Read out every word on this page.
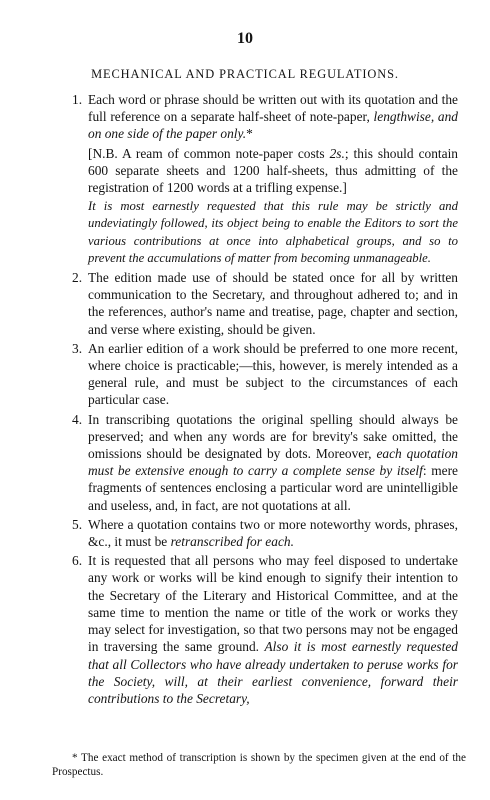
10
MECHANICAL AND PRACTICAL REGULATIONS.

1. Each word or phrase should be written out with its quotation and the full reference on a separate half-sheet of note-paper, lengthwise, and on one side of the paper only.*

[N.B. A ream of common note-paper costs 2s.; this should contain 600 separate sheets and 1200 half-sheets, thus admitting of the registration of 1200 words at a trifling expense.]

It is most earnestly requested that this rule may be strictly and undeviatingly followed, its object being to enable the Editors to sort the various contributions at once into alphabetical groups, and so to prevent the accumulations of matter from becoming unmanageable.

2. The edition made use of should be stated once for all by written communication to the Secretary, and throughout adhered to; and in the references, author's name and treatise, page, chapter and section, and verse where existing, should be given.

3. An earlier edition of a work should be preferred to one more recent, where choice is practicable;—this, however, is merely intended as a general rule, and must be subject to the circumstances of each particular case.

4. In transcribing quotations the original spelling should always be preserved; and when any words are for brevity's sake omitted, the omissions should be designated by dots. Moreover, each quotation must be extensive enough to carry a complete sense by itself: mere fragments of sentences enclosing a particular word are unintelligible and useless, and, in fact, are not quotations at all.

5. Where a quotation contains two or more noteworthy words, phrases, &c., it must be retranscribed for each.

6. It is requested that all persons who may feel disposed to undertake any work or works will be kind enough to signify their intention to the Secretary of the Literary and Historical Committee, and at the same time to mention the name or title of the work or works they may select for investigation, so that two persons may not be engaged in traversing the same ground. Also it is most earnestly requested that all Collectors who have already undertaken to peruse works for the Society, will, at their earliest convenience, forward their contributions to the Secretary,

* The exact method of transcription is shown by the specimen given at the end of the Prospectus.
